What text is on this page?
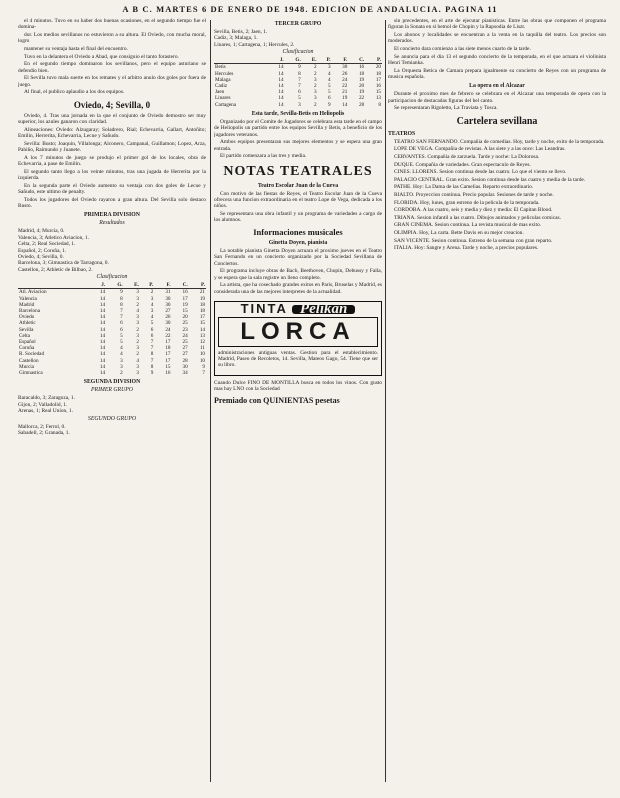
A B C. MARTES 6 DE ENERO DE 1948. EDICION DE ANDALUCIA. PAGINA 11

el 4 minutos. Tuvo en su haber dos buenas ocasiones, en el segundo tiempo fue el domina-

dor. Los medios sevillanos no estuvieron a su altura. El Oviedo, con mucha moral, logro

mantener su ventaja hasta el final del encuentro.

Tuvo en la delantera el Oviedo a Abad, que consiguio el tanto forastero.

En el segundo tiempo dominaron los sevillanos, pero el equipo asturiano se defendio bien.

El Sevilla tuvo mala suerte en los remates y el arbitro anulo dos goles por fuera de juego.

Al final, el publico aplaudio a los dos equipos.

Oviedo, 4; Sevilla, 0

Oviedo, 4. Tras una jornada en la que el conjunto de Oviedo demostro ser muy superior, los azules ganaron con claridad.

Alineaciones: Oviedo: Alzugaray; Soladrero, Rial; Echevarria, Gallart, Antoñito; Emilin, Herrerita, Echevarria, Lecue y Sañudo.

Sevilla: Busto; Joaquin, Villalonga; Alconero, Campanal, Guillamon; Lopez, Arza, Pahiño, Raimundo y Juanete.

A los 7 minutos de juego se produjo el primer gol de los locales, obra de Echevarria, a pase de Emilin.

El segundo tanto llego a los veinte minutos, tras una jugada de Herrerita por la izquierda.

En la segunda parte el Oviedo aumento su ventaja con dos goles de Lecue y Sañudo, este ultimo de penalty.

Todos los jugadores del Oviedo rayaron a gran altura. Del Sevilla solo destaco Busto.

PRIMERA DIVISION
Resultados
Madrid, 4; Murcia, 0.
Valencia, 3; Atletico Aviacion, 1.
Celta, 2; Real Sociedad, 1.
Español, 2; Coruña, 1.
Oviedo, 4; Sevilla, 0.
Barcelona, 3; Gimnastica de Tarragona, 0.
Castellon, 2; Athletic de Bilbao, 2.
Clasificacion
	J.	G.	E.	P.	F.	C.	P.
Atl. Aviacion	14	9	3	2	31	16	21
Valencia	14	8	3	3	30	17	19
Madrid	14	8	2	4	30	19	18
Barcelona	14	7	4	3	27	15	18
Oviedo	14	7	3	4	26	20	17
Athletic	14	6	3	5	30	25	15
Sevilla	14	6	2	6	24	23	14
Celta	14	5	3	6	22	24	13
Español	14	5	2	7	17	25	12
Coruña	14	4	3	7	18	27	11
R. Sociedad	14	4	2	8	17	27	10
Castellon	14	3	4	7	17	28	10
Murcia	14	3	3	8	15	30	9
Gimnastica	14	2	3	9	16	34	7
SEGUNDA DIVISION
PRIMER GRUPO
Baracaldo, 3; Zaragoza, 1.
Gijon, 2; Valladolid, 1.
Arenas, 1; Real Union, 1.
SEGUNDO GRUPO
Mallorca, 2; Ferrol, 0.
Sabadell, 2; Granada, 1.
TERCER GRUPO
Sevilla, Betis, 2; Jaen, 1.
Cadiz, 3; Malaga, 1.
Linares, 1; Cartagena, 1; Hercules, 2.
Clasificacion
	J.	G.	E.	P.	F.	C.	P.
Betis	14	9	2	3	30	16	20
Hercules	14	8	2	4	26	18	18
Malaga	14	7	3	4	24	19	17
Cadiz	14	7	2	5	22	20	16
Jaen	14	6	3	5	21	19	15
Linares	14	5	3	6	19	22	13
Cartagena	14	3	2	9	14	28	8
Esta tarde, Sevilla-Betis en Heliopolis

Organizado por el Comite de Jugadores se celebrara esta tarde en el campo de Heliopolis un partido entre los equipos Sevilla y Betis, a beneficio de los jugadores veteranos.

Ambos equipos presentaran sus mejores elementos y se espera una gran entrada.

El partido comenzara a las tres y media.

NOTAS TEATRALES
Teatro Escolar Juan de la Cueva

Con motivo de las fiestas de Reyes, el Teatro Escolar Juan de la Cueva ofrecera una funcion extraordinaria en el teatro Lope de Vega, dedicada a los niños.

Se representara una obra infantil y un programa de variedades a cargo de los alumnos.

Informaciones musicales
Ginetta Doyen, pianista

La notable pianista Ginetta Doyen actuara el proximo jueves en el Teatro San Fernando en un concierto organizado por la Sociedad Sevillana de Conciertos.

El programa incluye obras de Bach, Beethoven, Chopin, Debussy y Falla, y se espera que la sala registre un lleno completo.

La artista, que ha cosechado grandes exitos en Paris, Bruselas y Madrid, es considerada una de las mejores interpretes de la actualidad.

TINTA Pelikan
LORCA
administraciones antiguas ventas. Gestion para el establecimiento. Madrid, Paseo de Recoletos, 14. Sevilla, Mateos Gago, 54. Tiene que ser su libro.
Cuando Dulce FINO DE MONTILLA busca en todos los vinos. Con gusto mas hay LNO con la Sociedad
Premiado con QUINIENTAS pesetas

sin precedentes, en el arte de ejecutar pianisticas. Entre las obras que componen el programa figuran la Sonata en si bemol de Chopin y la Rapsodia de Liszt.

Los abonos y localidades se encuentran a la venta en la taquilla del teatro. Los precios son moderados.

El concierto dara comienzo a las siete menos cuarto de la tarde.

Se anuncia para el dia 13 el segundo concierto de la temporada, en el que actuara el violinista Henri Temianka.

La Orquesta Betica de Camara prepara igualmente su concierto de Reyes con un programa de musica española.

La opera en el Alcazar

Durante el proximo mes de febrero se celebrara en el Alcazar una temporada de opera con la participacion de destacadas figuras del bel canto.

Se representaran Rigoletto, La Traviata y Tosca.

Cartelera sevillana
TEATROS

TEATRO SAN FERNANDO. Compañia de comedias. Hoy, tarde y noche, exito de la temporada.

LOPE DE VEGA. Compañia de revistas. A las siete y a las once: Las Leandras.

CERVANTES. Compañia de zarzuela. Tarde y noche: La Dolorosa.

DUQUE. Compañia de variedades. Gran espectaculo de Reyes.

CINES. LLORENS. Sesion continua desde las cuatro. Lo que el viento se llevo.

PALACIO CENTRAL. Gran exito. Sesion continua desde las cuatro y media de la tarde.

PATHE. Hoy: La Dama de las Camelias. Reparto extraordinario.

RIALTO. Proyeccion continua. Precio popular. Sesiones de tarde y noche.

FLORIDA. Hoy, lunes, gran estreno de la pelicula de la temporada.

CORDOBA. A las cuatro, seis y media y diez y media: El Capitan Blood.

TRIANA. Sesion infantil a las cuatro. Dibujos animados y peliculas comicas.

GRAN CINEMA. Sesion continua. La revista musical de mas exito.

OLIMPIA. Hoy, La carta. Bette Davis en su mejor creacion.

SAN VICENTE. Sesion continua. Estreno de la semana con gran reparto.

ITALIA. Hoy: Sangre y Arena. Tarde y noche, a precios populares.
